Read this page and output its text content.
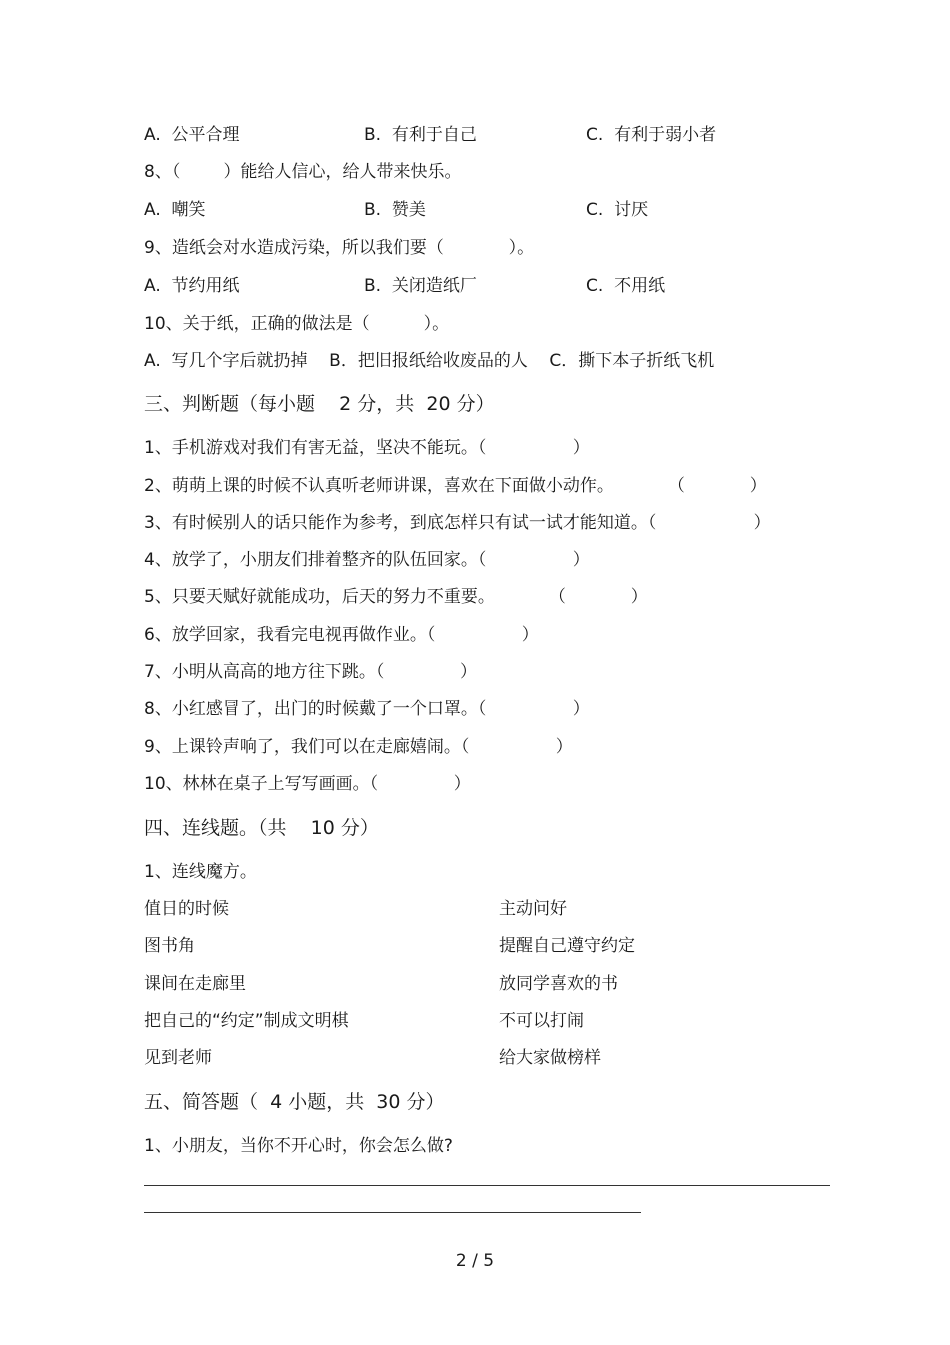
A.  公平合理	B.  有利于自己	C.  有利于弱小者
8、（        ）能给人信心，给人带来快乐。
A.  嘲笑	B.  赞美	C.  讨厌
9、造纸会对水造成污染，所以我们要（            ）。
A.  节约用纸	B.  关闭造纸厂	C.  不用纸
10、关于纸，正确的做法是（          ）。
A.  写几个字后就扔掉    B．把旧报纸给收废品的人    C．撕下本子折纸飞机
三、判断题（每小题    2 分，共  20 分）
1、手机游戏对我们有害无益，坚决不能玩。（                ）
2、萌萌上课的时候不认真听老师讲课，喜欢在下面做小动作。          （            ）
3、有时候别人的话只能作为参考，到底怎样只有试一试才能知道。（                  ）
4、放学了，小朋友们排着整齐的队伍回家。（                ）
5、只要天赋好就能成功，后天的努力不重要。          （            ）
6、放学回家，我看完电视再做作业。（                ）
7、小明从高高的地方往下跳。（              ）
8、小红感冒了，出门的时候戴了一个口罩。（                ）
9、上课铃声响了，我们可以在走廊嬉闹。（                ）
10、林林在桌子上写写画画。（              ）
四、连线题。（共    10 分）
1、连线魔方。
值日的时候	主动问好
图书角	提醒自己遵守约定
课间在走廊里	放同学喜欢的书
把自己的“约定”制成文明棋	不可以打闹
见到老师	给大家做榜样
五、简答题（  4 小题，共  30 分）
1、小朋友，当你不开心时，你会怎么做?
2 / 5
